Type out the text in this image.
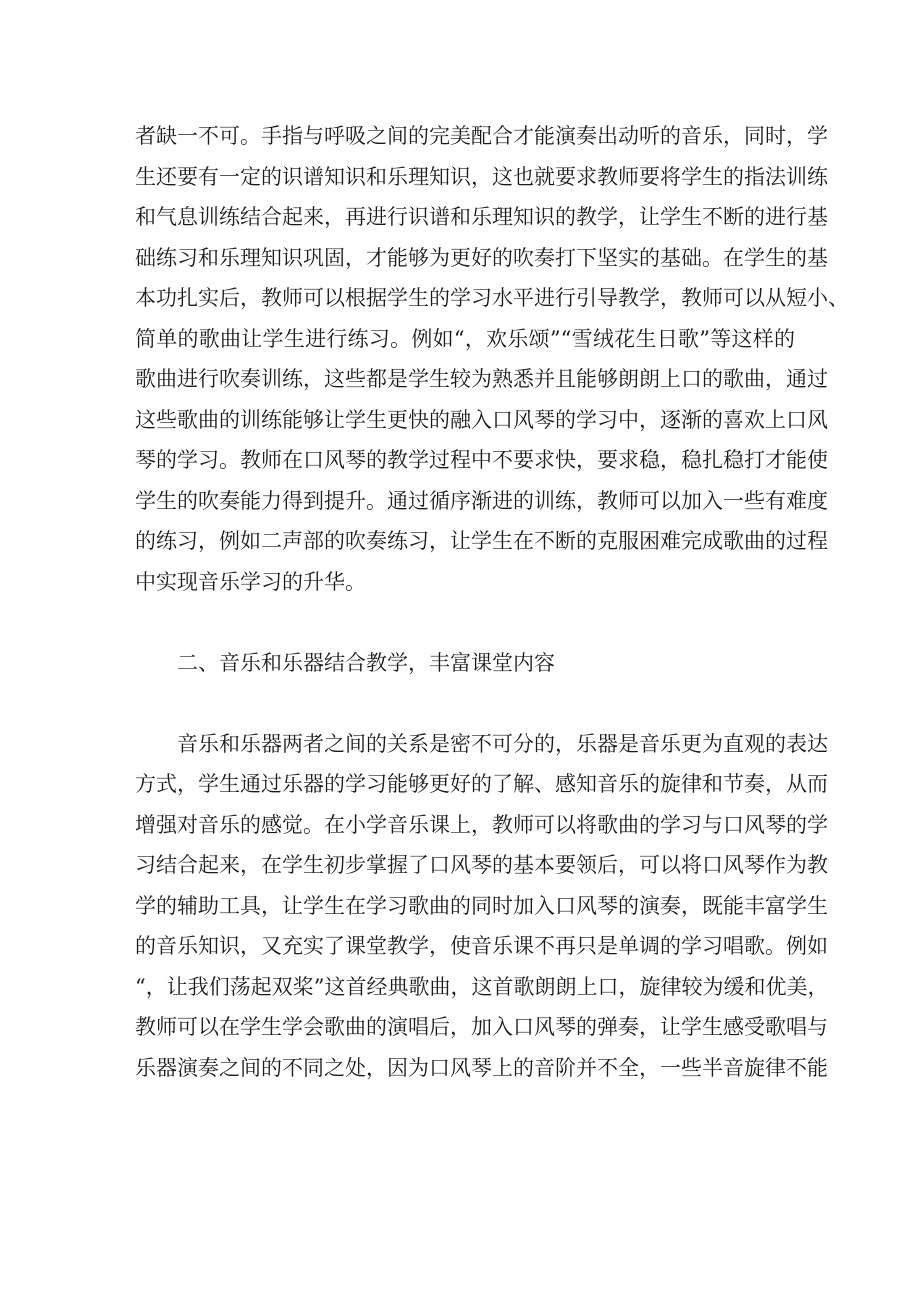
者缺一不可。手指与呼吸之间的完美配合才能演奏出动听的音乐，同时，学
生还要有一定的识谱知识和乐理知识，这也就要求教师要将学生的指法训练
和气息训练结合起来，再进行识谱和乐理知识的教学，让学生不断的进行基
础练习和乐理知识巩固，才能够为更好的吹奏打下坚实的基础。在学生的基
本功扎实后，教师可以根据学生的学习水平进行引导教学，教师可以从短小、
简单的歌曲让学生进行练习。例如“，欢乐颂”“雪绒花生日歌”等这样的
歌曲进行吹奏训练，这些都是学生较为熟悉并且能够朗朗上口的歌曲，通过
这些歌曲的训练能够让学生更快的融入口风琴的学习中，逐渐的喜欢上口风
琴的学习。教师在口风琴的教学过程中不要求快，要求稳，稳扎稳打才能使
学生的吹奏能力得到提升。通过循序渐进的训练，教师可以加入一些有难度
的练习，例如二声部的吹奏练习，让学生在不断的克服困难完成歌曲的过程
中实现音乐学习的升华。
二、音乐和乐器结合教学，丰富课堂内容
音乐和乐器两者之间的关系是密不可分的，乐器是音乐更为直观的表达
方式，学生通过乐器的学习能够更好的了解、感知音乐的旋律和节奏，从而
增强对音乐的感觉。在小学音乐课上，教师可以将歌曲的学习与口风琴的学
习结合起来，在学生初步掌握了口风琴的基本要领后，可以将口风琴作为教
学的辅助工具，让学生在学习歌曲的同时加入口风琴的演奏，既能丰富学生
的音乐知识，又充实了课堂教学，使音乐课不再只是单调的学习唱歌。例如
“，让我们荡起双桨”这首经典歌曲，这首歌朗朗上口，旋律较为缓和优美，
教师可以在学生学会歌曲的演唱后，加入口风琴的弹奏，让学生感受歌唱与
乐器演奏之间的不同之处，因为口风琴上的音阶并不全，一些半音旋律不能
